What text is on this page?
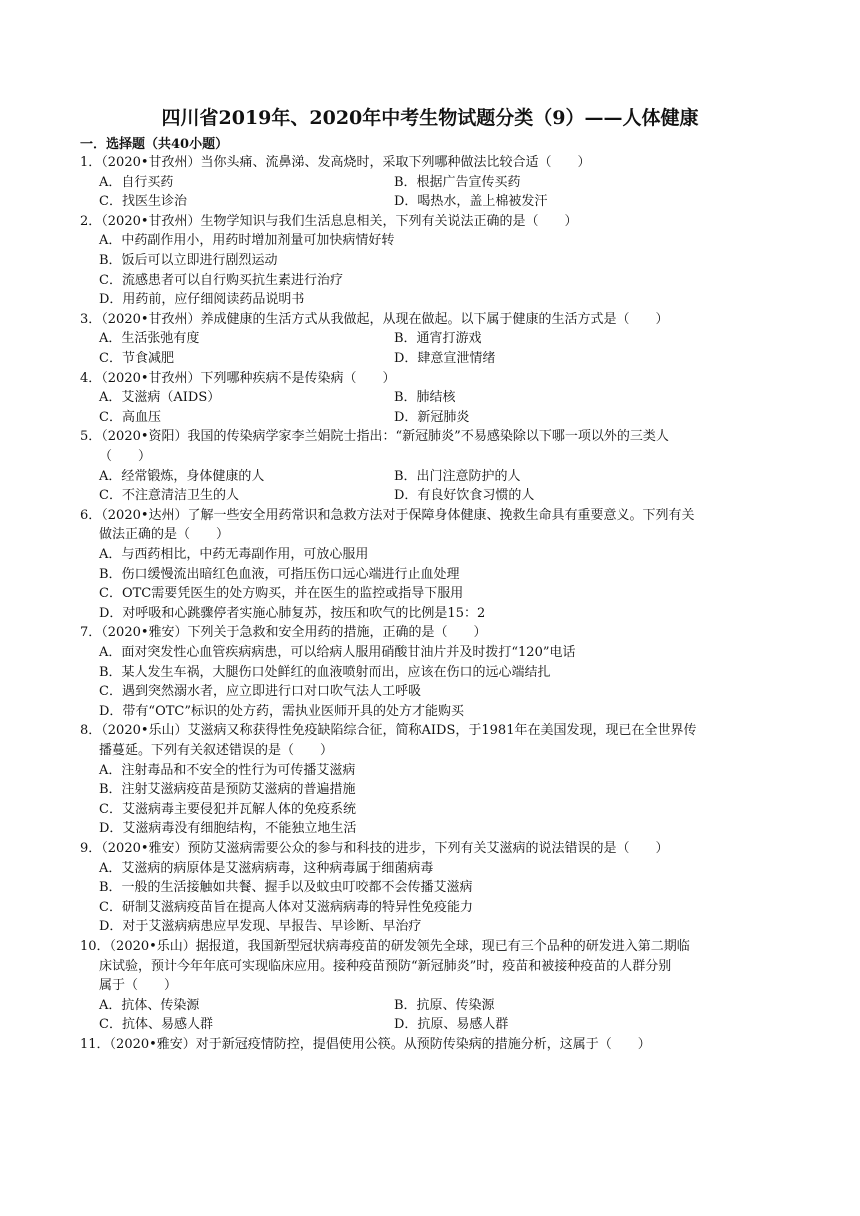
四川省2019年、2020年中考生物试题分类（9）——人体健康
一．选择题（共40小题）
1．（2020•甘孜州）当你头痛、流鼻涕、发高烧时，采取下列哪种做法比较合适（　　）
A．自行买药	B．根据广告宣传买药
C．找医生诊治	D．喝热水，盖上棉被发汗
2．（2020•甘孜州）生物学知识与我们生活息息相关，下列有关说法正确的是（　　）
A．中药副作用小，用药时增加剂量可加快病情好转
B．饭后可以立即进行剧烈运动
C．流感患者可以自行购买抗生素进行治疗
D．用药前，应仔细阅读药品说明书
3．（2020•甘孜州）养成健康的生活方式从我做起，从现在做起。以下属于健康的生活方式是（　　）
A．生活张弛有度	B．通宵打游戏
C．节食减肥	D．肆意宣泄情绪
4．（2020•甘孜州）下列哪种疾病不是传染病（　　）
A．艾滋病（AIDS）	B．肺结核
C．高血压	D．新冠肺炎
5．（2020•资阳）我国的传染病学家李兰娟院士指出：“新冠肺炎”不易感染除以下哪一项以外的三类人
（　　）
A．经常锻炼，身体健康的人	B．出门注意防护的人
C．不注意清洁卫生的人	D．有良好饮食习惯的人
6．（2020•达州）了解一些安全用药常识和急救方法对于保障身体健康、挽救生命具有重要意义。下列有关
做法正确的是（　　）
A．与西药相比，中药无毒副作用，可放心服用
B．伤口缓慢流出暗红色血液，可指压伤口远心端进行止血处理
C．OTC需要凭医生的处方购买，并在医生的监控或指导下服用
D．对呼吸和心跳骤停者实施心肺复苏，按压和吹气的比例是15：2
7．（2020•雅安）下列关于急救和安全用药的措施，正确的是（　　）
A．面对突发性心血管疾病病患，可以给病人服用硝酸甘油片并及时拨打“120”电话
B．某人发生车祸，大腿伤口处鲜红的血液喷射而出，应该在伤口的远心端结扎
C．遇到突然溺水者，应立即进行口对口吹气法人工呼吸
D．带有“OTC”标识的处方药，需执业医师开具的处方才能购买
8．（2020•乐山）艾滋病又称获得性免疫缺陷综合征，简称AIDS，于1981年在美国发现，现已在全世界传
播蔓延。下列有关叙述错误的是（　　）
A．注射毒品和不安全的性行为可传播艾滋病
B．注射艾滋病疫苗是预防艾滋病的普遍措施
C．艾滋病毒主要侵犯并瓦解人体的免疫系统
D．艾滋病毒没有细胞结构，不能独立地生活
9．（2020•雅安）预防艾滋病需要公众的参与和科技的进步，下列有关艾滋病的说法错误的是（　　）
A．艾滋病的病原体是艾滋病病毒，这种病毒属于细菌病毒
B．一般的生活接触如共餐、握手以及蚊虫叮咬都不会传播艾滋病
C．研制艾滋病疫苗旨在提高人体对艾滋病病毒的特异性免疫能力
D．对于艾滋病病患应早发现、早报告、早诊断、早治疗
10．（2020•乐山）据报道，我国新型冠状病毒疫苗的研发领先全球，现已有三个品种的研发进入第二期临
床试验，预计今年年底可实现临床应用。接种疫苗预防“新冠肺炎”时，疫苗和被接种疫苗的人群分别
属于（　　）
A．抗体、传染源	B．抗原、传染源
C．抗体、易感人群	D．抗原、易感人群
11．（2020•雅安）对于新冠疫情防控，提倡使用公筷。从预防传染病的措施分析，这属于（　　）
